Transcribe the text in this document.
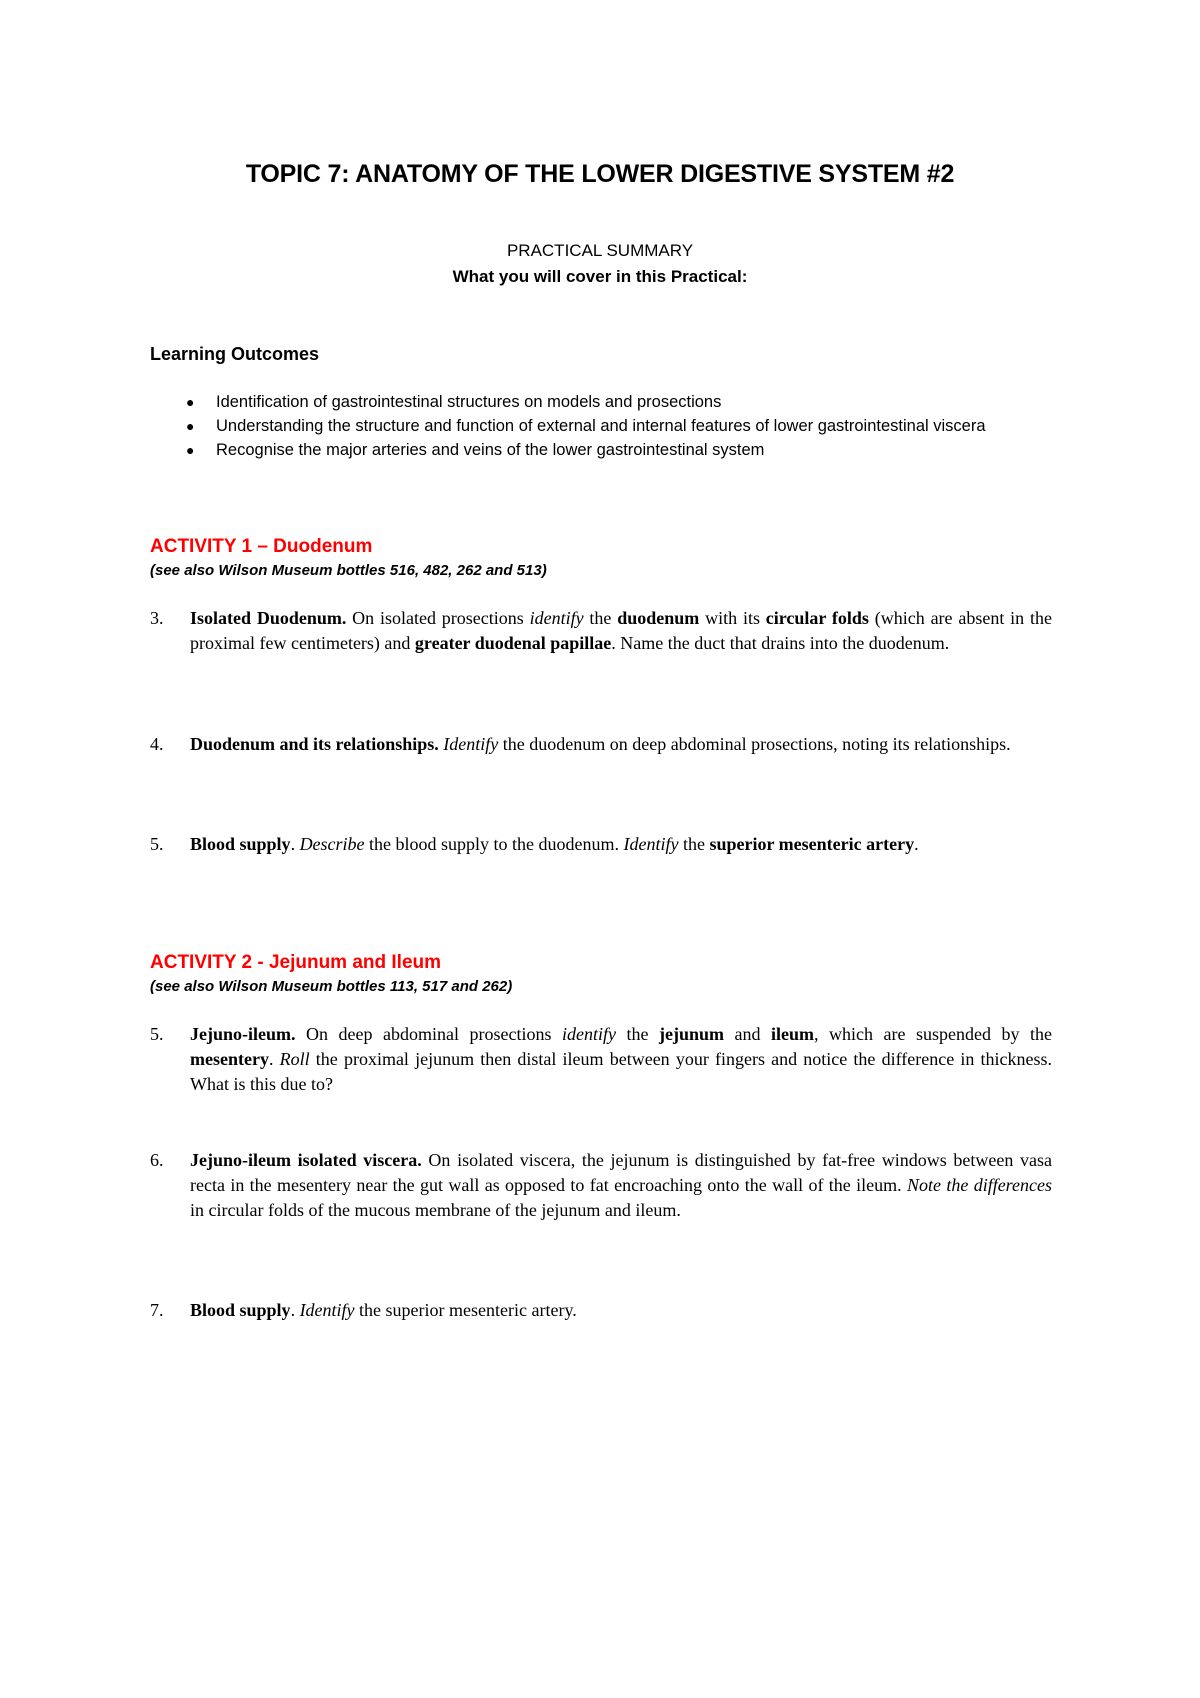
TOPIC 7: ANATOMY OF THE LOWER DIGESTIVE SYSTEM #2
PRACTICAL SUMMARY
What you will cover in this Practical:
Learning Outcomes
● Identification of gastrointestinal structures on models and prosections
● Understanding the structure and function of external and internal features of lower gastrointestinal viscera
● Recognise the major arteries and veins of the lower gastrointestinal system
ACTIVITY 1 – Duodenum

(see also Wilson Museum bottles 516, 482, 262 and 513)

3.	Isolated Duodenum. On isolated prosections identify the duodenum with its circular folds (which are absent in the proximal few centimeters) and greater duodenal papillae. Name the duct that drains into the duodenum.
4.	Duodenum and its relationships. Identify the duodenum on deep abdominal prosections, noting its relationships.
5.	Blood supply. Describe the blood supply to the duodenum. Identify the superior mesenteric artery.
ACTIVITY 2 - Jejunum and Ileum

(see also Wilson Museum bottles 113, 517 and 262)

5.	Jejuno-ileum. On deep abdominal prosections identify the jejunum and ileum, which are suspended by the mesentery. Roll the proximal jejunum then distal ileum between your fingers and notice the difference in thickness. What is this due to?
6.	Jejuno-ileum isolated viscera. On isolated viscera, the jejunum is distinguished by fat-free windows between vasa recta in the mesentery near the gut wall as opposed to fat encroaching onto the wall of the ileum. Note the differences in circular folds of the mucous membrane of the jejunum and ileum.
7.	Blood supply. Identify the superior mesenteric artery.
